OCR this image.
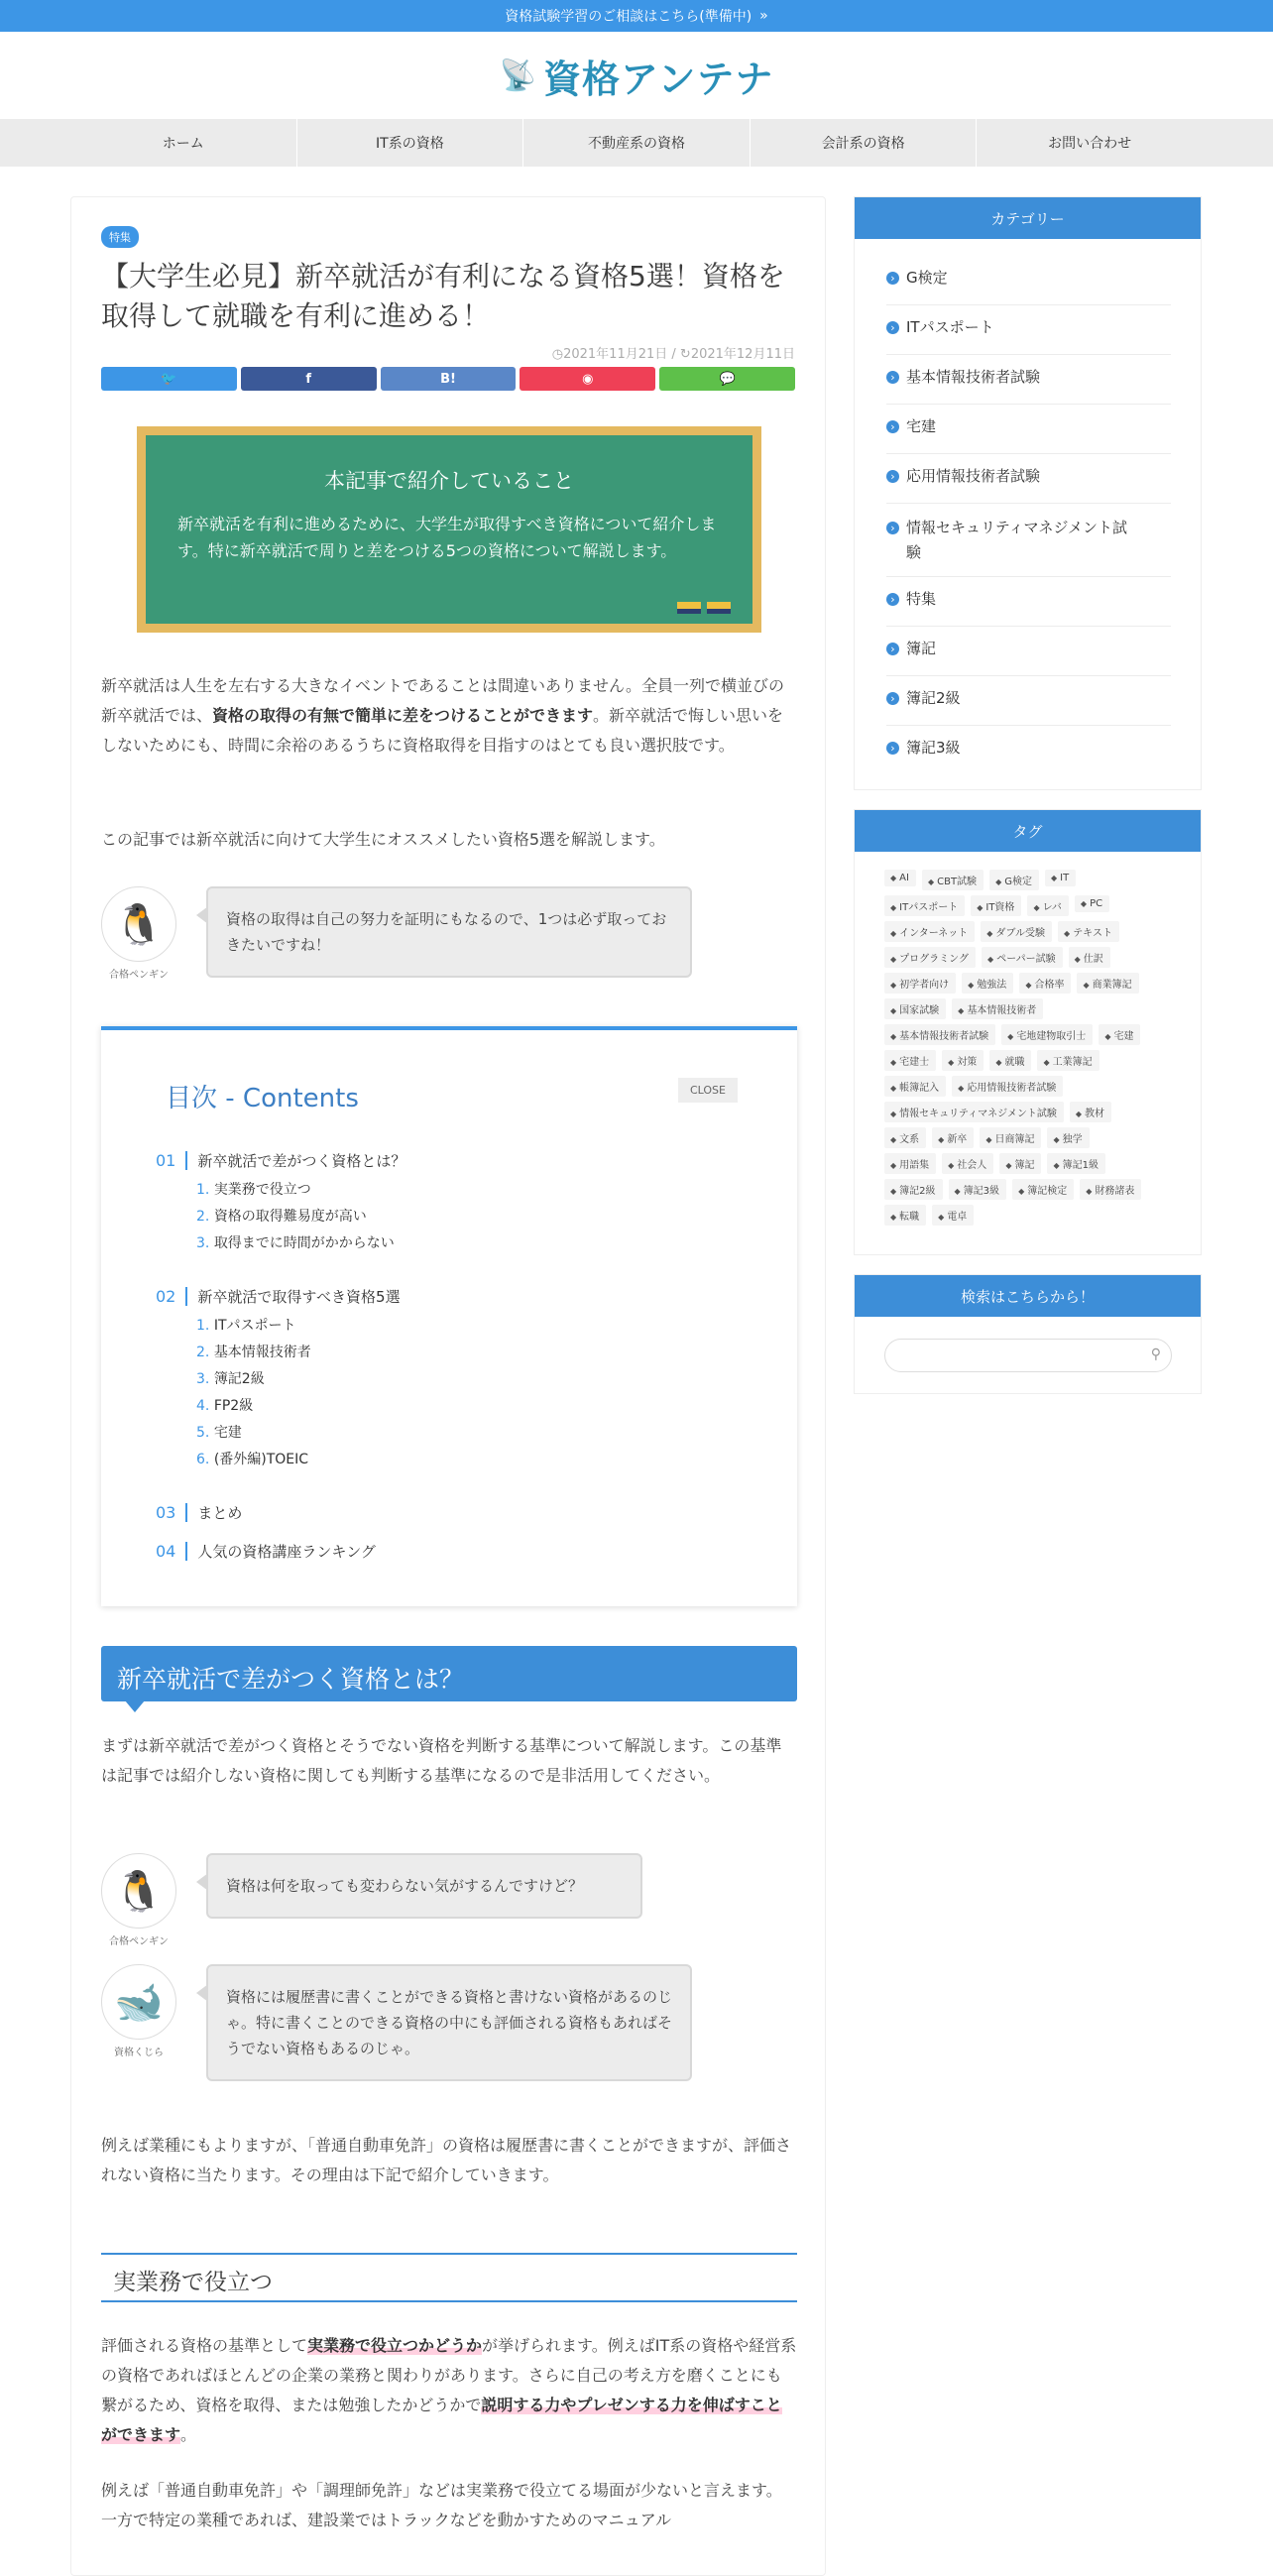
資格試験学習のご相談はこちら(準備中) »
📡 資格アンテナ
ホーム	IT系の資格	不動産系の資格	会計系の資格	お問い合わせ
特集
【大学生必見】新卒就活が有利になる資格5選！資格を取得して就職を有利に進める！
◷2021年11月21日 / ↻2021年12月11日
🐦	f	B!	◉	💬
本記事で紹介していること

新卒就活を有利に進めるために、大学生が取得すべき資格について紹介します。特に新卒就活で周りと差をつける5つの資格について解説します。

新卒就活は人生を左右する大きなイベントであることは間違いありません。全員一列で横並びの新卒就活では、資格の取得の有無で簡単に差をつけることができます。新卒就活で悔しい思いをしないためにも、時間に余裕のあるうちに資格取得を目指すのはとても良い選択肢です。

この記事では新卒就活に向けて大学生にオススメしたい資格5選を解説します。

🐧
合格ペンギン
資格の取得は自己の努力を証明にもなるので、1つは必ず取っておきたいですね！
目次 - Contents	CLOSE
01 新卒就活で差がつく資格とは？
1. 実業務で役立つ
2. 資格の取得難易度が高い
3. 取得までに時間がかからない
02 新卒就活で取得すべき資格5選
1. ITパスポート
2. 基本情報技術者
3. 簿記2級
4. FP2級
5. 宅建
6. (番外編)TOEIC
03 まとめ
04 人気の資格講座ランキング
新卒就活で差がつく資格とは？

まずは新卒就活で差がつく資格とそうでない資格を判断する基準について解説します。この基準は記事では紹介しない資格に関しても判断する基準になるので是非活用してください。

🐧
合格ペンギン
資格は何を取っても変わらない気がするんですけど？
🐋
資格くじら
資格には履歴書に書くことができる資格と書けない資格があるのじゃ。特に書くことのできる資格の中にも評価される資格もあればそうでない資格もあるのじゃ。

例えば業種にもよりますが、「普通自動車免許」の資格は履歴書に書くことができますが、評価されない資格に当たります。その理由は下記で紹介していきます。

実業務で役立つ

評価される資格の基準として実業務で役立つかどうかが挙げられます。例えばIT系の資格や経営系の資格であればほとんどの企業の業務と関わりがあります。さらに自己の考え方を磨くことにも繋がるため、資格を取得、または勉強したかどうかで説明する力やプレゼンする力を伸ばすことができます。

例えば「普通自動車免許」や「調理師免許」などは実業務で役立てる場面が少ないと言えます。一方で特定の業種であれば、建設業ではトラックなどを動かすためのマニュアル

カテゴリー
› G検定
› ITパスポート
› 基本情報技術者試験
› 宅建
› 応用情報技術者試験
› 情報セキュリティマネジメント試験
› 特集
› 簿記
› 簿記2級
› 簿記3級
タグ
◆ AI	◆ CBT試験	◆ G検定	◆ IT
◆ ITパスポート	◆ IT資格	◆ レバ	◆ PC
◆ インターネット	◆ ダブル受験	◆ テキスト
◆ プログラミング	◆ ペーパー試験	◆ 仕訳
◆ 初学者向け	◆ 勉強法	◆ 合格率	◆ 商業簿記
◆ 国家試験	◆ 基本情報技術者
◆ 基本情報技術者試験	◆ 宅地建物取引士	◆ 宅建
◆ 宅建士	◆ 対策	◆ 就職	◆ 工業簿記
◆ 帳簿記入	◆ 応用情報技術者試験
◆ 情報セキュリティマネジメント試験	◆ 教材
◆ 文系	◆ 新卒	◆ 日商簿記	◆ 独学
◆ 用語集	◆ 社会人	◆ 簿記	◆ 簿記1級
◆ 簿記2級	◆ 簿記3級	◆ 簿記検定	◆ 財務諸表
◆ 転職	◆ 電卓
検索はこちらから！
⚲
